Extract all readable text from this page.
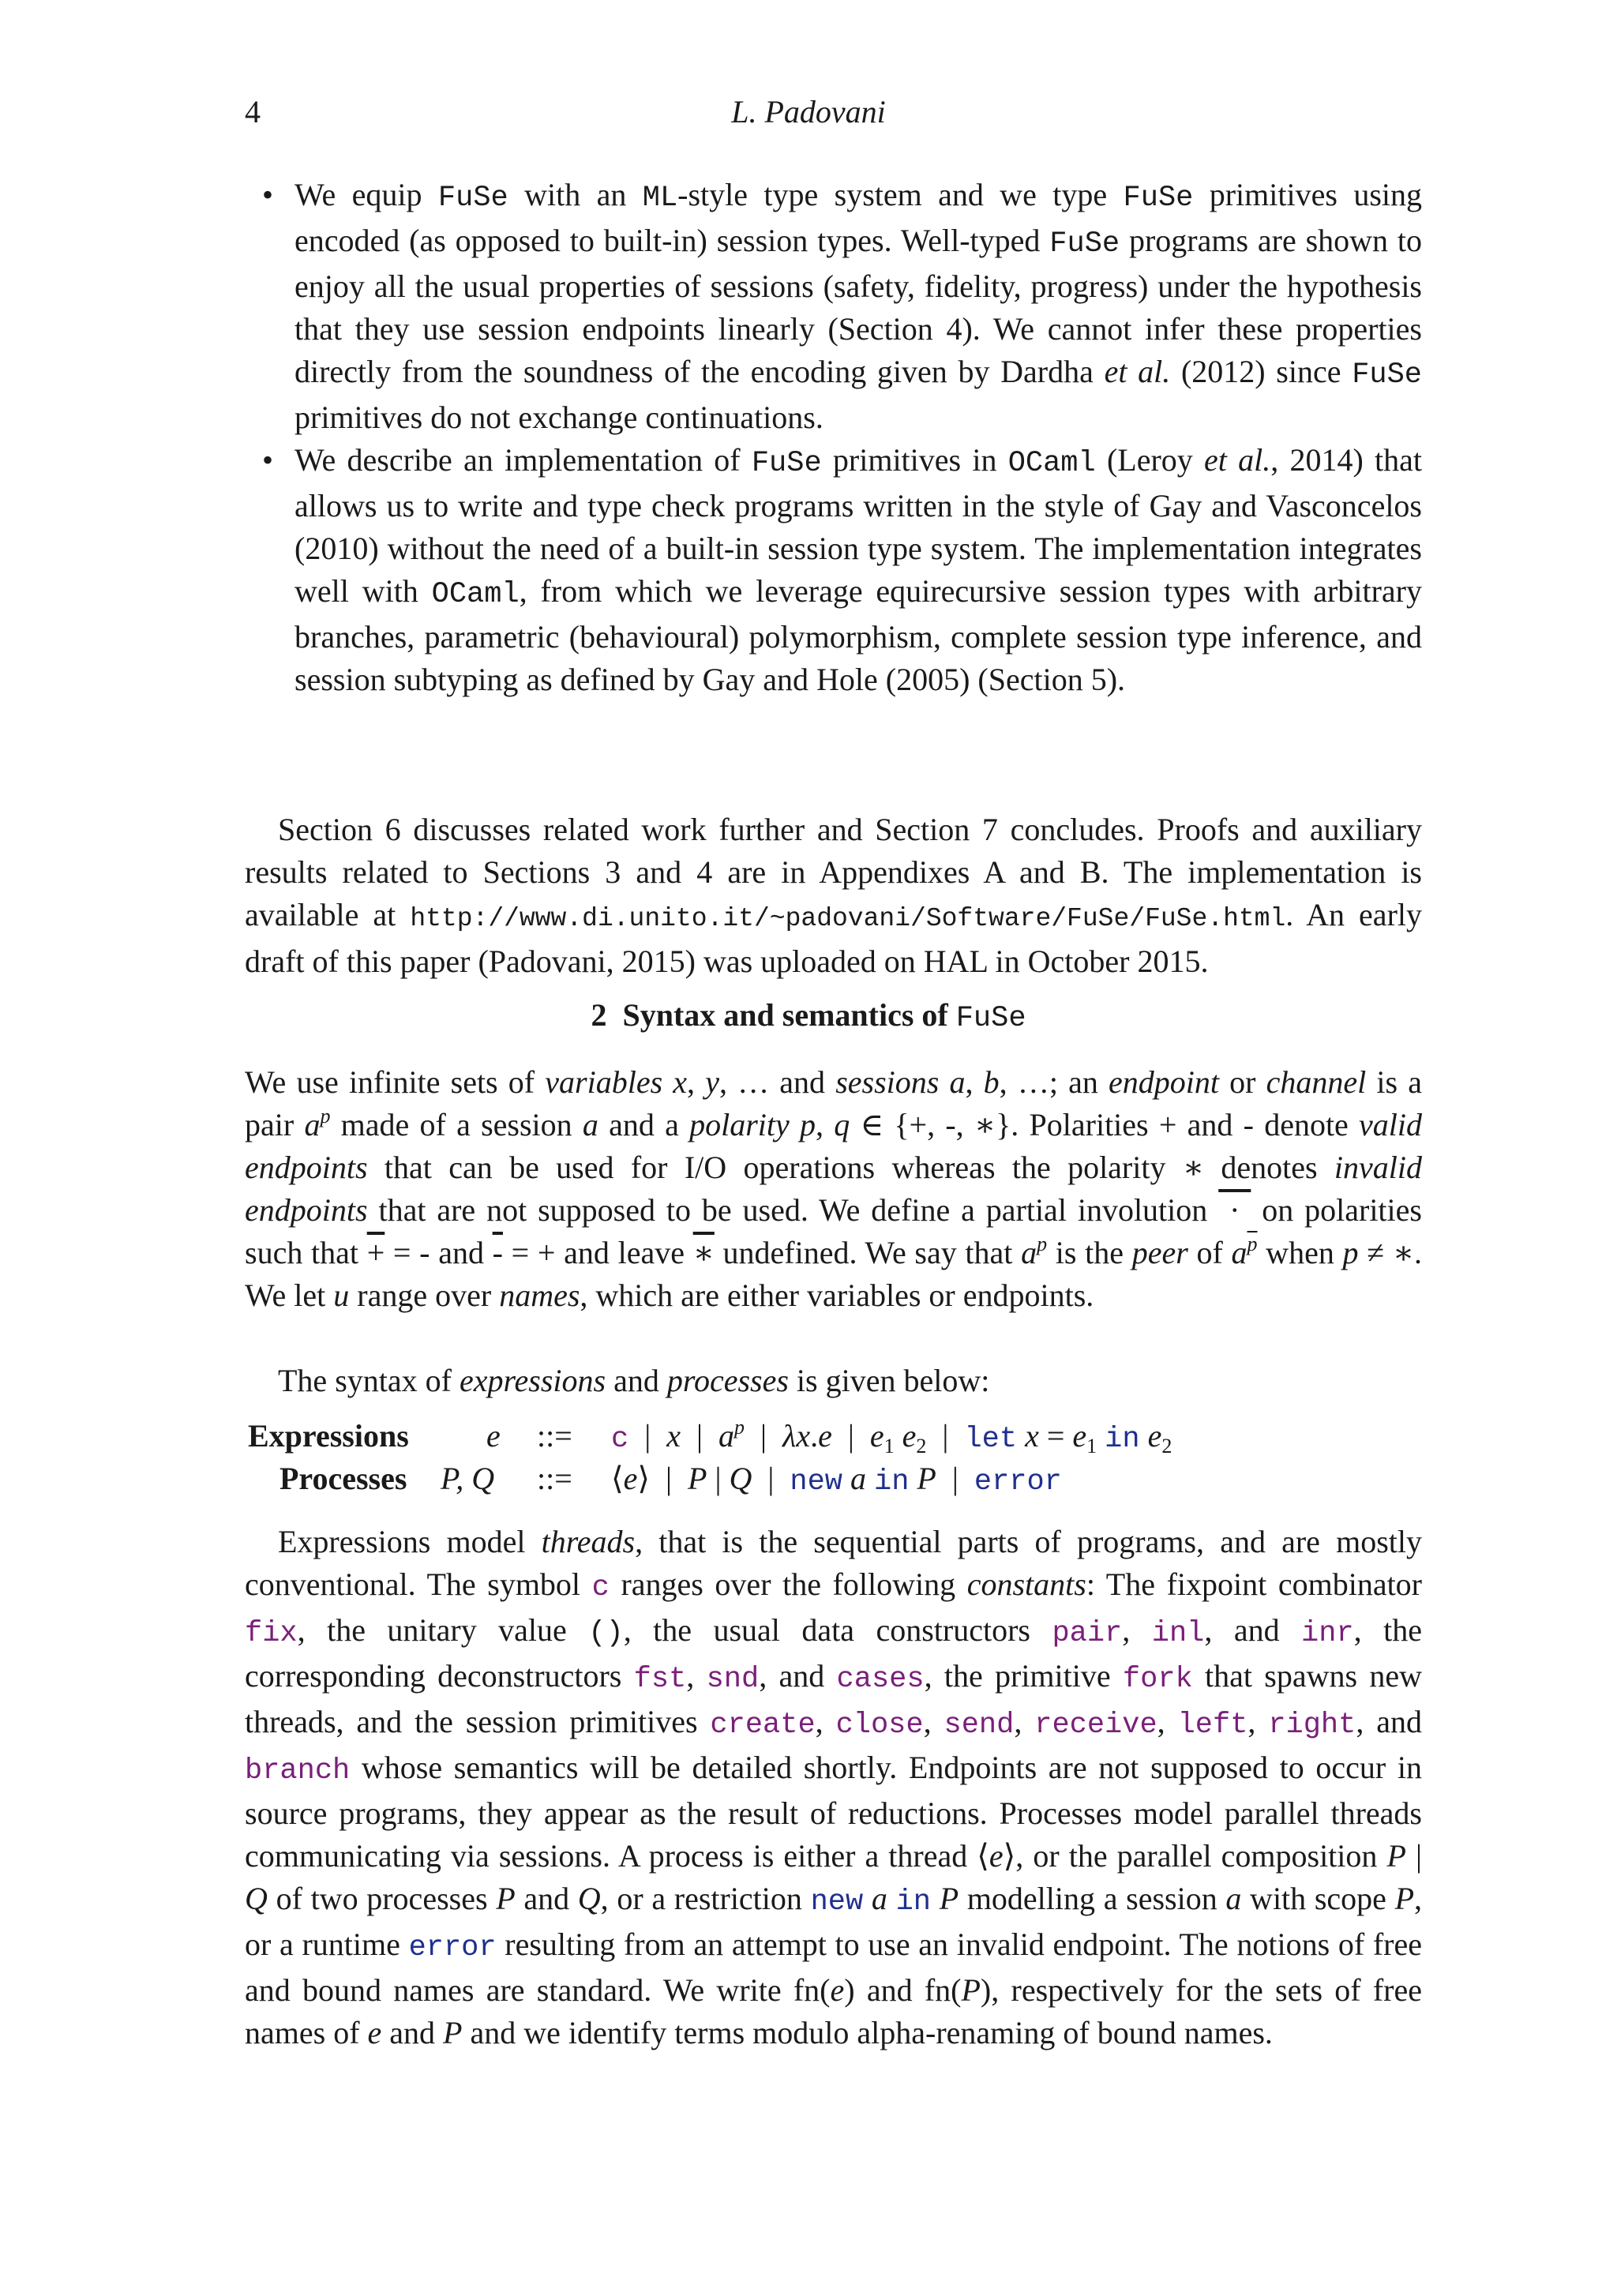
4	L. Padovani
• We equip FuSe with an ML-style type system and we type FuSe primitives using encoded (as opposed to built-in) session types. Well-typed FuSe programs are shown to enjoy all the usual properties of sessions (safety, fidelity, progress) under the hypothesis that they use session endpoints linearly (Section 4). We cannot infer these properties directly from the soundness of the encoding given by Dardha et al. (2012) since FuSe primitives do not exchange continuations.
• We describe an implementation of FuSe primitives in OCaml (Leroy et al., 2014) that allows us to write and type check programs written in the style of Gay and Vasconcelos (2010) without the need of a built-in session type system. The implementation integrates well with OCaml, from which we leverage equirecursive session types with arbitrary branches, parametric (behavioural) polymorphism, complete session type inference, and session subtyping as defined by Gay and Hole (2005) (Section 5).

Section 6 discusses related work further and Section 7 concludes. Proofs and auxiliary results related to Sections 3 and 4 are in Appendixes A and B. The implementation is available at http://www.di.unito.it/~padovani/Software/FuSe/FuSe.html. An early draft of this paper (Padovani, 2015) was uploaded on HAL in October 2015.

2 Syntax and semantics of FuSe

We use infinite sets of variables x, y, … and sessions a, b, …; an endpoint or channel is a pair $a^p$ made of a session a and a polarity p, q ∈ {+, -, ∗}. Polarities + and - denote valid endpoints that can be used for I/O operations whereas the polarity ∗ denotes invalid endpoints that are not supposed to be used. We define a partial involution  ·  on polarities such that + = - and - = + and leave ∗ undefined. We say that $a^p$ is the peer of $a^{\overline{p}}$ when p ≠ ∗. We let u range over names, which are either variables or endpoints.

The syntax of expressions and processes is given below:

Expressions e ::= c  |  x  |  $a^p$  |  λx.e  |  $e_1$ $e_2$  |  let $x = e_1$ in $e_2$
Processes P, Q ::= ⟨e⟩  |  P | Q  |  new a in P  |  error

Expressions model threads, that is the sequential parts of programs, and are mostly conventional. The symbol c ranges over the following constants: The fixpoint combinator fix, the unitary value (), the usual data constructors pair, inl, and inr, the corresponding deconstructors fst, snd, and cases, the primitive fork that spawns new threads, and the session primitives create, close, send, receive, left, right, and branch whose semantics will be detailed shortly. Endpoints are not supposed to occur in source programs, they appear as the result of reductions. Processes model parallel threads communicating via sessions. A process is either a thread ⟨e⟩, or the parallel composition P | Q of two processes P and Q, or a restriction new a in P modelling a session a with scope P, or a runtime error resulting from an attempt to use an invalid endpoint. The notions of free and bound names are standard. We write fn(e) and fn(P), respectively for the sets of free names of e and P and we identify terms modulo alpha-renaming of bound names.
